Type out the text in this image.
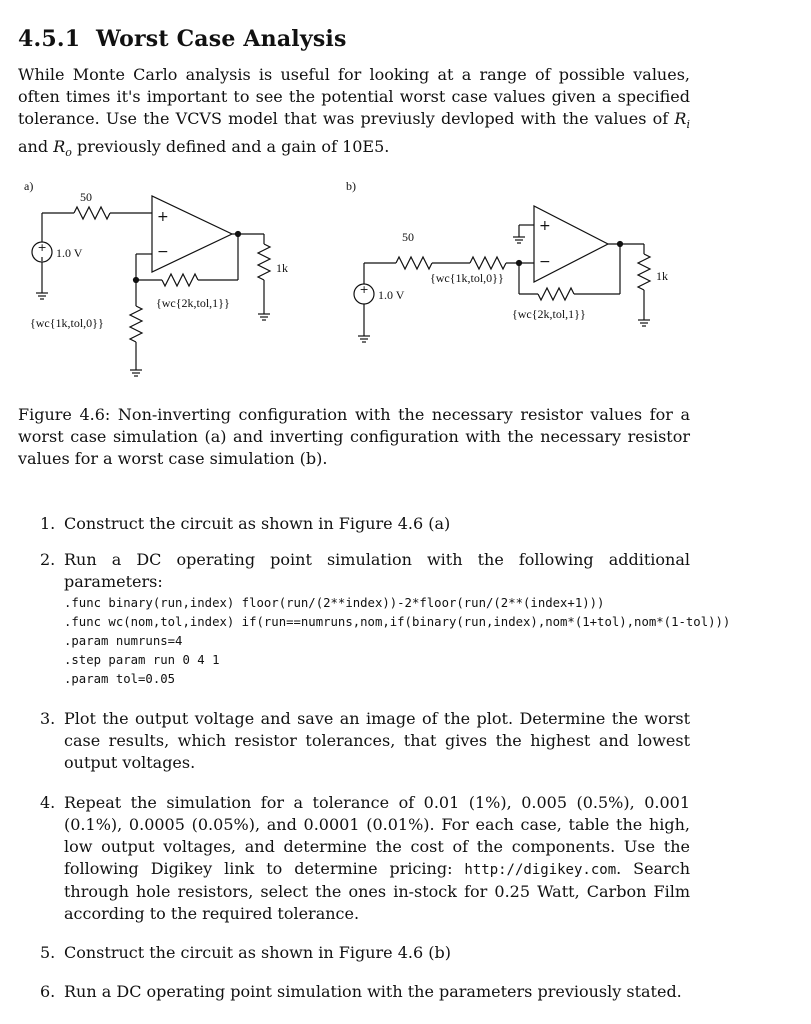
4.5.1 Worst Case Analysis

While Monte Carlo analysis is useful for looking at a range of possible values, often times it's important to see the potential worst case values given a specified tolerance. Use the VCVS model that was previusly devloped with the values of $R_i$ and $R_o$ previously defined and a gain of 10E5.

a)
+ 1.0 V
50
+
−
1k
{wc{2k,tol,1}}
{wc{1k,tol,0}}
b)
+ 1.0 V
50
{wc{1k,tol,0}}
+
−
1k
{wc{2k,tol,1}}

Figure 4.6: Non-inverting configuration with the necessary resistor values for a worst case simulation (a) and inverting configuration with the necessary resistor values for a worst case simulation (b).

1. Construct the circuit as shown in Figure 4.6 (a)
2. Run a DC operating point simulation with the following additional parameters:
3. Plot the output voltage and save an image of the plot. Determine the worst case results, which resistor tolerances, that gives the highest and lowest output voltages.
4. Repeat the simulation for a tolerance of 0.01 (1%), 0.005 (0.5%), 0.001 (0.1%), 0.0005 (0.05%), and 0.0001 (0.01%). For each case, table the high, low output voltages, and determine the cost of the components. Use the following Digikey link to determine pricing: http://digikey.com. Search through hole resistors, select the ones in-stock for 0.25 Watt, Carbon Film according to the required tolerance.
5. Construct the circuit as shown in Figure 4.6 (b)
6. Run a DC operating point simulation with the parameters previously stated.
.func binary(run,index) floor(run/(2**index))-2*floor(run/(2**(index+1)))
.func wc(nom,tol,index) if(run==numruns,nom,if(binary(run,index),nom*(1+tol),nom*(1-tol)))
.param numruns=4
.step param run 0 4 1
.param tol=0.05
